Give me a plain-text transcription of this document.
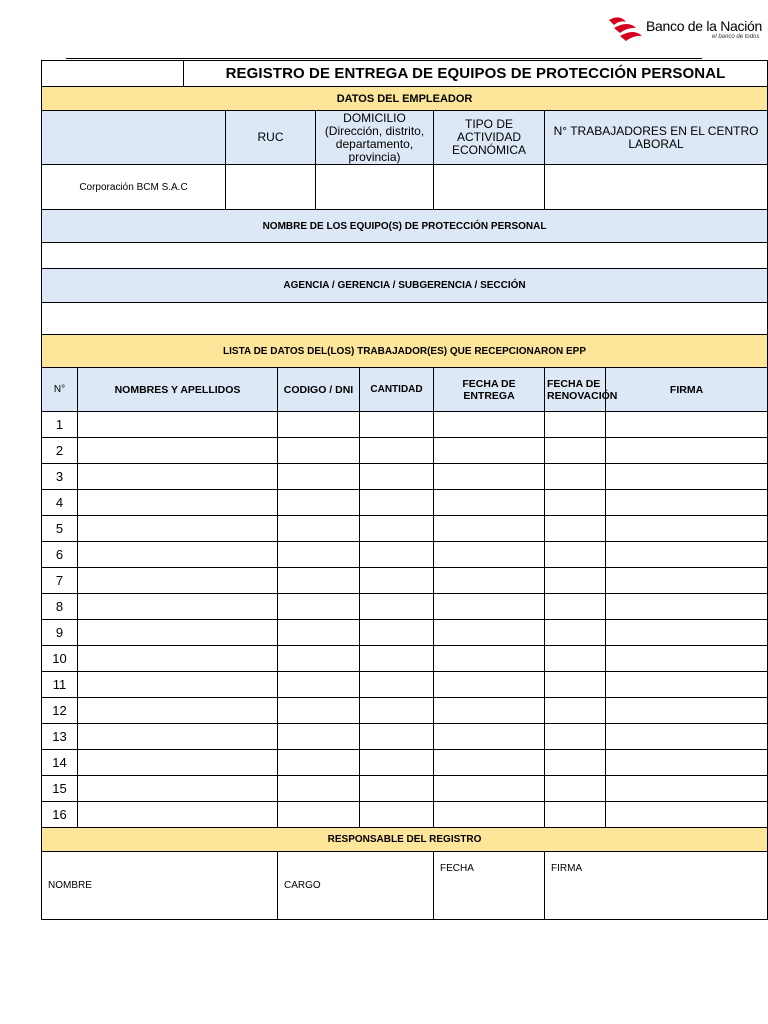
Banco de la Nación
el banco de todos
		REGISTRO DE ENTREGA DE EQUIPOS DE PROTECCIÓN PERSONAL							
DATOS DEL EMPLEADOR									
			RUC		DOMICILIO (Dirección, distrito, departamento, provincia)		TIPO DE ACTIVIDAD ECONÓMICA	N° TRABAJADORES EN EL CENTRO LABORAL	
Corporación BCM S.A.C									
NOMBRE DE LOS EQUIPO(S) DE PROTECCIÓN PERSONAL									

AGENCIA / GERENCIA / SUBGERENCIA / SECCIÓN									

LISTA DE DATOS DEL(LOS) TRABAJADOR(ES) QUE RECEPCIONARON EPP									
N°	NOMBRES Y APELLIDOS			CODIGO / DNI		CANTIDAD	FECHA DE ENTREGA	FECHA DE RENOVACIÓN	FIRMA
1									
2									
3									
4									
5									
6									
7									
8									
9									
10									
11									
12									
13									
14									
15									
16									
RESPONSABLE DEL REGISTRO									
NOMBRE				CARGO			FECHA	FIRMA	
